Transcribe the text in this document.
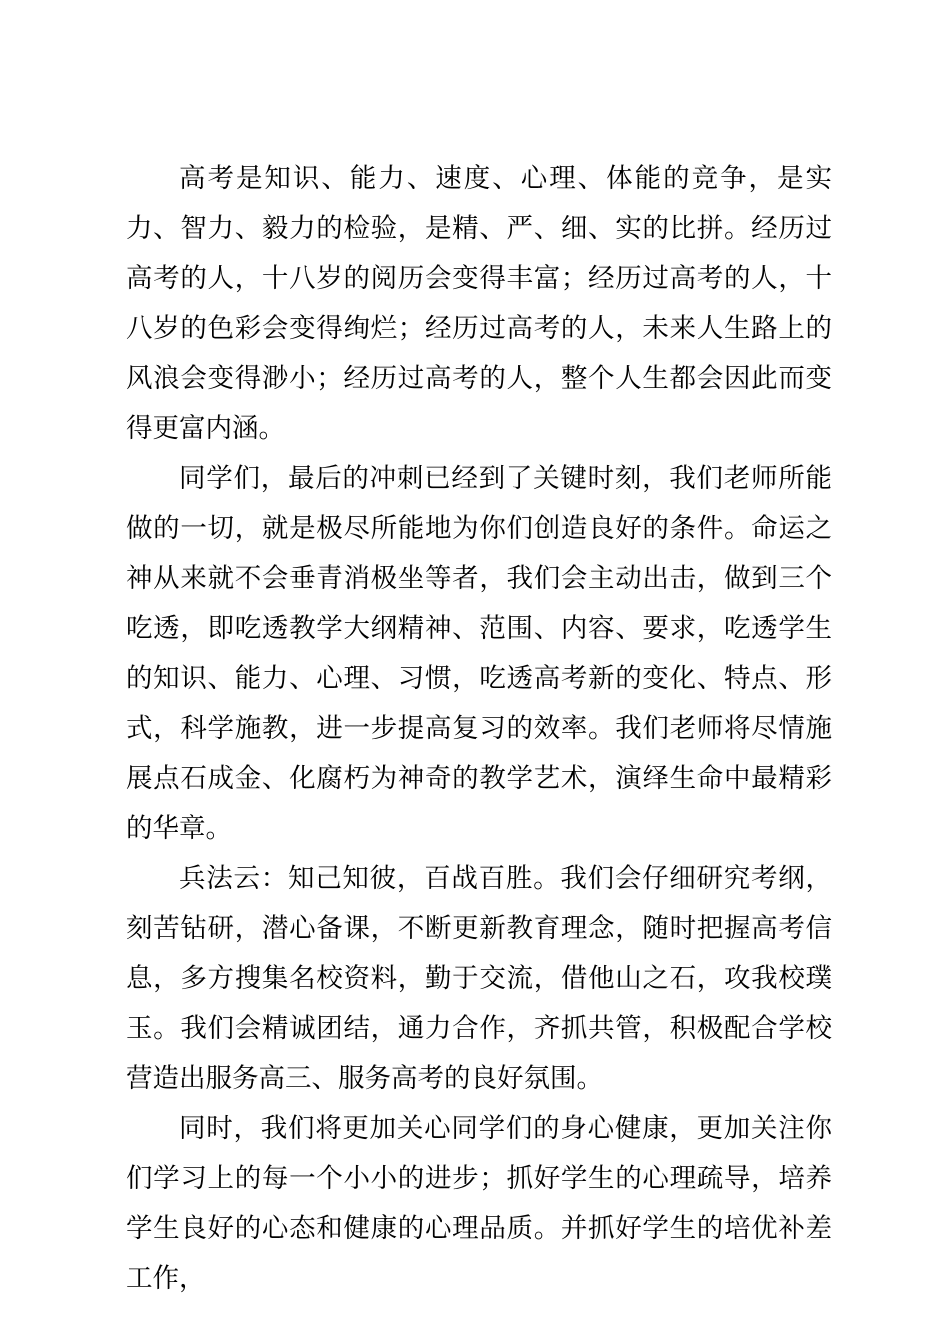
高考是知识、能力、速度、心理、体能的竞争，是实力、智力、毅力的检验，是精、严、细、实的比拼。经历过高考的人，十八岁的阅历会变得丰富；经历过高考的人，十八岁的色彩会变得绚烂；经历过高考的人，未来人生路上的风浪会变得渺小；经历过高考的人，整个人生都会因此而变得更富内涵。

同学们，最后的冲刺已经到了关键时刻，我们老师所能做的一切，就是极尽所能地为你们创造良好的条件。命运之神从来就不会垂青消极坐等者，我们会主动出击，做到三个吃透，即吃透教学大纲精神、范围、内容、要求，吃透学生的知识、能力、心理、习惯，吃透高考新的变化、特点、形式，科学施教，进一步提高复习的效率。我们老师将尽情施展点石成金、化腐朽为神奇的教学艺术，演绎生命中最精彩的华章。

兵法云：知己知彼，百战百胜。我们会仔细研究考纲，刻苦钻研，潜心备课，不断更新教育理念，随时把握高考信息，多方搜集名校资料，勤于交流，借他山之石，攻我校璞玉。我们会精诚团结，通力合作，齐抓共管，积极配合学校营造出服务高三、服务高考的良好氛围。

同时，我们将更加关心同学们的身心健康，更加关注你们学习上的每一个小小的进步；抓好学生的心理疏导，培养学生良好的心态和健康的心理品质。并抓好学生的培优补差工作，
